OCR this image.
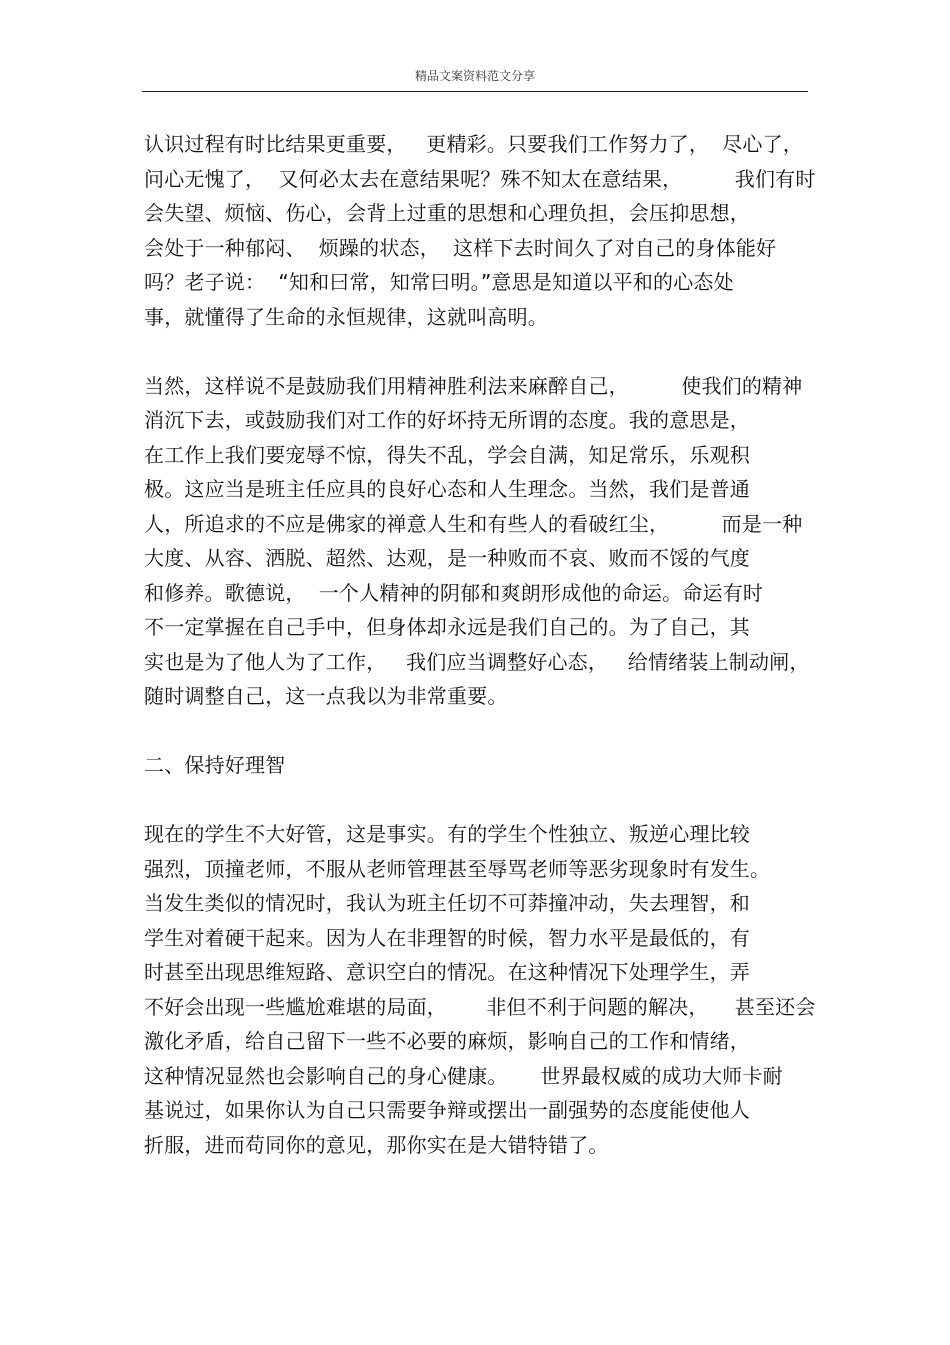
精品文案资料范文分享
认识过程有时比结果更重要，   更精彩。只要我们工作努力了，  尽心了，
问心无愧了，  又何必太去在意结果呢？殊不知太在意结果，        我们有时
会失望、烦恼、伤心，会背上过重的思想和心理负担，会压抑思想，
会处于一种郁闷、  烦躁的状态，  这样下去时间久了对自己的身体能好
吗？老子说：  “知和曰常，知常曰明。”意思是知道以平和的心态处
事，就懂得了生命的永恒规律，这就叫高明。
当然，这样说不是鼓励我们用精神胜利法来麻醉自己，        使我们的精神
消沉下去，或鼓励我们对工作的好坏持无所谓的态度。我的意思是，
在工作上我们要宠辱不惊，得失不乱，学会自满，知足常乐，乐观积
极。这应当是班主任应具的良好心态和人生理念。当然，我们是普通
人，所追求的不应是佛家的禅意人生和有些人的看破红尘，        而是一种
大度、从容、洒脱、超然、达观，是一种败而不哀、败而不馁的气度
和修养。歌德说，  一个人精神的阴郁和爽朗形成他的命运。命运有时
不一定掌握在自己手中，但身体却永远是我们自己的。为了自己，其
实也是为了他人为了工作，   我们应当调整好心态，   给情绪装上制动闸，
随时调整自己，这一点我以为非常重要。
二、保持好理智
现在的学生不大好管，这是事实。有的学生个性独立、叛逆心理比较
强烈，顶撞老师，不服从老师管理甚至辱骂老师等恶劣现象时有发生。
当发生类似的情况时，我认为班主任切不可莽撞冲动，失去理智，和
学生对着硬干起来。因为人在非理智的时候，智力水平是最低的，有
时甚至出现思维短路、意识空白的情况。在这种情况下处理学生，弄
不好会出现一些尴尬难堪的局面，      非但不利于问题的解决，    甚至还会
激化矛盾，给自己留下一些不必要的麻烦，影响自己的工作和情绪，
这种情况显然也会影响自己的身心健康。     世界最权威的成功大师卡耐
基说过，如果你认为自己只需要争辩或摆出一副强势的态度能使他人
折服，进而苟同你的意见，那你实在是大错特错了。
